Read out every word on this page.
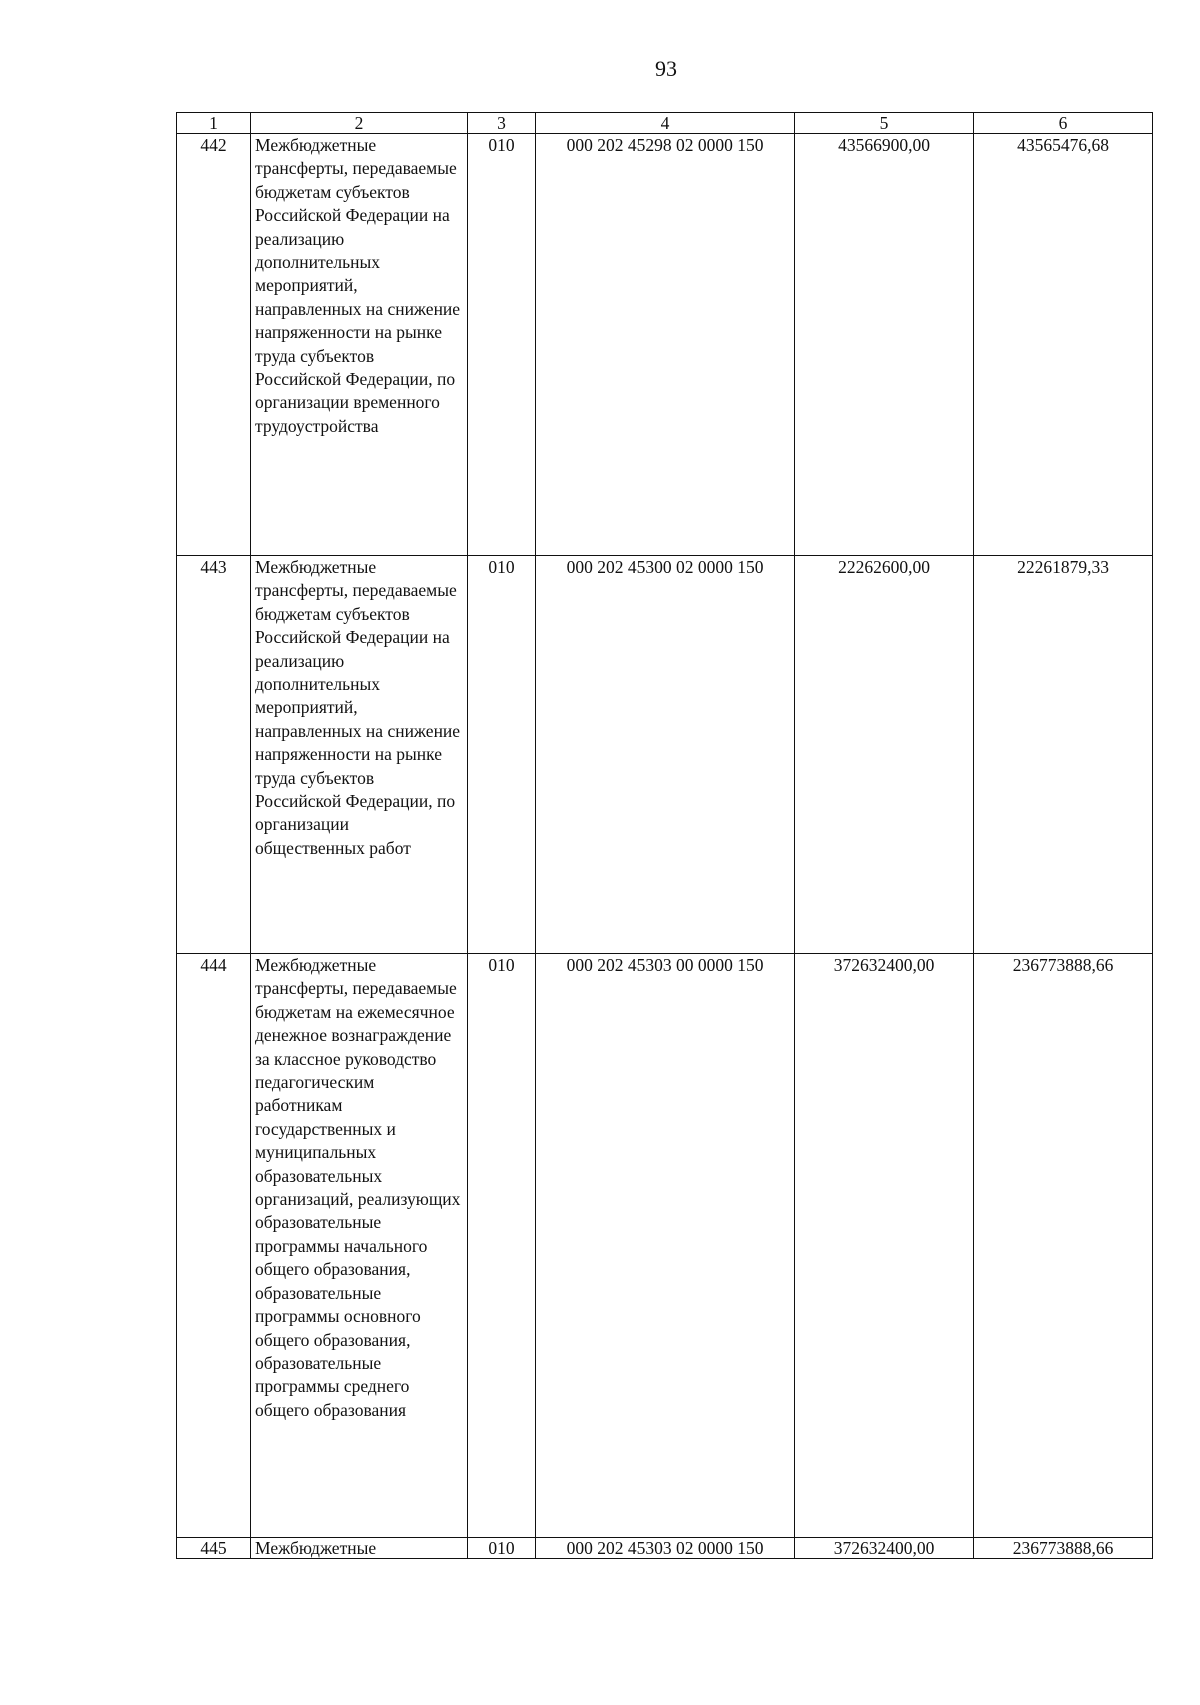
93
1	2	3	4	5	6
442	Межбюджетные трансферты, передаваемые бюджетам субъектов Российской Федерации на реализацию дополнительных мероприятий, направленных на снижение напряженности на рынке труда субъектов Российской Федерации, по организации временного трудоустройства	010	000 202 45298 02 0000 150	43566900,00	43565476,68
443	Межбюджетные трансферты, передаваемые бюджетам субъектов Российской Федерации на реализацию дополнительных мероприятий, направленных на снижение напряженности на рынке труда субъектов Российской Федерации, по организации общественных работ	010	000 202 45300 02 0000 150	22262600,00	22261879,33
444	Межбюджетные трансферты, передаваемые бюджетам на ежемесячное денежное вознаграждение за классное руководство педагогическим работникам государственных и муниципальных образовательных организаций, реализующих образовательные программы начального общего образования, образовательные программы основного общего образования, образовательные программы среднего общего образования	010	000 202 45303 00 0000 150	372632400,00	236773888,66
445	Межбюджетные	010	000 202 45303 02 0000 150	372632400,00	236773888,66
